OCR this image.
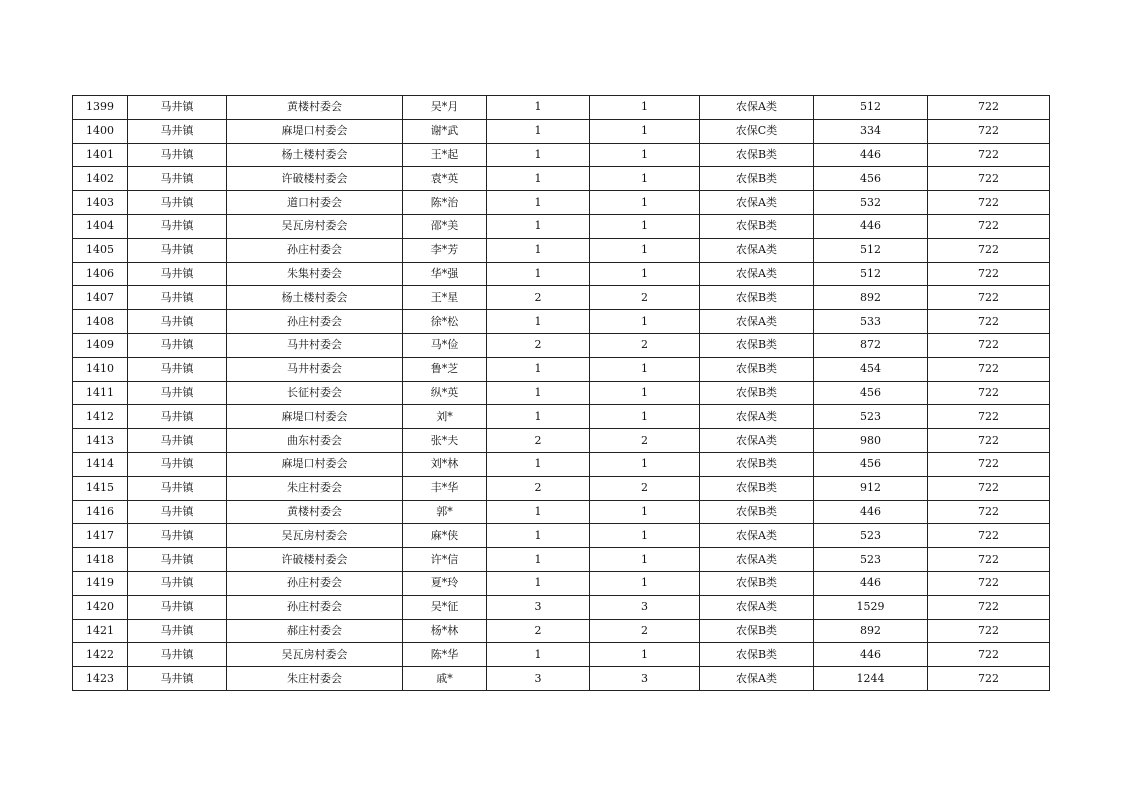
1399	马井镇	黄楼村委会	吴*月	1	1	农保A类	512	722
1400	马井镇	麻堤口村委会	谢*武	1	1	农保C类	334	722
1401	马井镇	杨土楼村委会	王*起	1	1	农保B类	446	722
1402	马井镇	许破楼村委会	袁*英	1	1	农保B类	456	722
1403	马井镇	道口村委会	陈*治	1	1	农保A类	532	722
1404	马井镇	吴瓦房村委会	邵*美	1	1	农保B类	446	722
1405	马井镇	孙庄村委会	李*芳	1	1	农保A类	512	722
1406	马井镇	朱集村委会	华*强	1	1	农保A类	512	722
1407	马井镇	杨土楼村委会	王*星	2	2	农保B类	892	722
1408	马井镇	孙庄村委会	徐*松	1	1	农保A类	533	722
1409	马井镇	马井村委会	马*俭	2	2	农保B类	872	722
1410	马井镇	马井村委会	鲁*芝	1	1	农保B类	454	722
1411	马井镇	长征村委会	纵*英	1	1	农保B类	456	722
1412	马井镇	麻堤口村委会	刘*	1	1	农保A类	523	722
1413	马井镇	曲东村委会	张*夫	2	2	农保A类	980	722
1414	马井镇	麻堤口村委会	刘*林	1	1	农保B类	456	722
1415	马井镇	朱庄村委会	丰*华	2	2	农保B类	912	722
1416	马井镇	黄楼村委会	郭*	1	1	农保B类	446	722
1417	马井镇	吴瓦房村委会	麻*侠	1	1	农保A类	523	722
1418	马井镇	许破楼村委会	许*信	1	1	农保A类	523	722
1419	马井镇	孙庄村委会	夏*玲	1	1	农保B类	446	722
1420	马井镇	孙庄村委会	吴*征	3	3	农保A类	1529	722
1421	马井镇	郝庄村委会	杨*林	2	2	农保B类	892	722
1422	马井镇	吴瓦房村委会	陈*华	1	1	农保B类	446	722
1423	马井镇	朱庄村委会	戚*	3	3	农保A类	1244	722
